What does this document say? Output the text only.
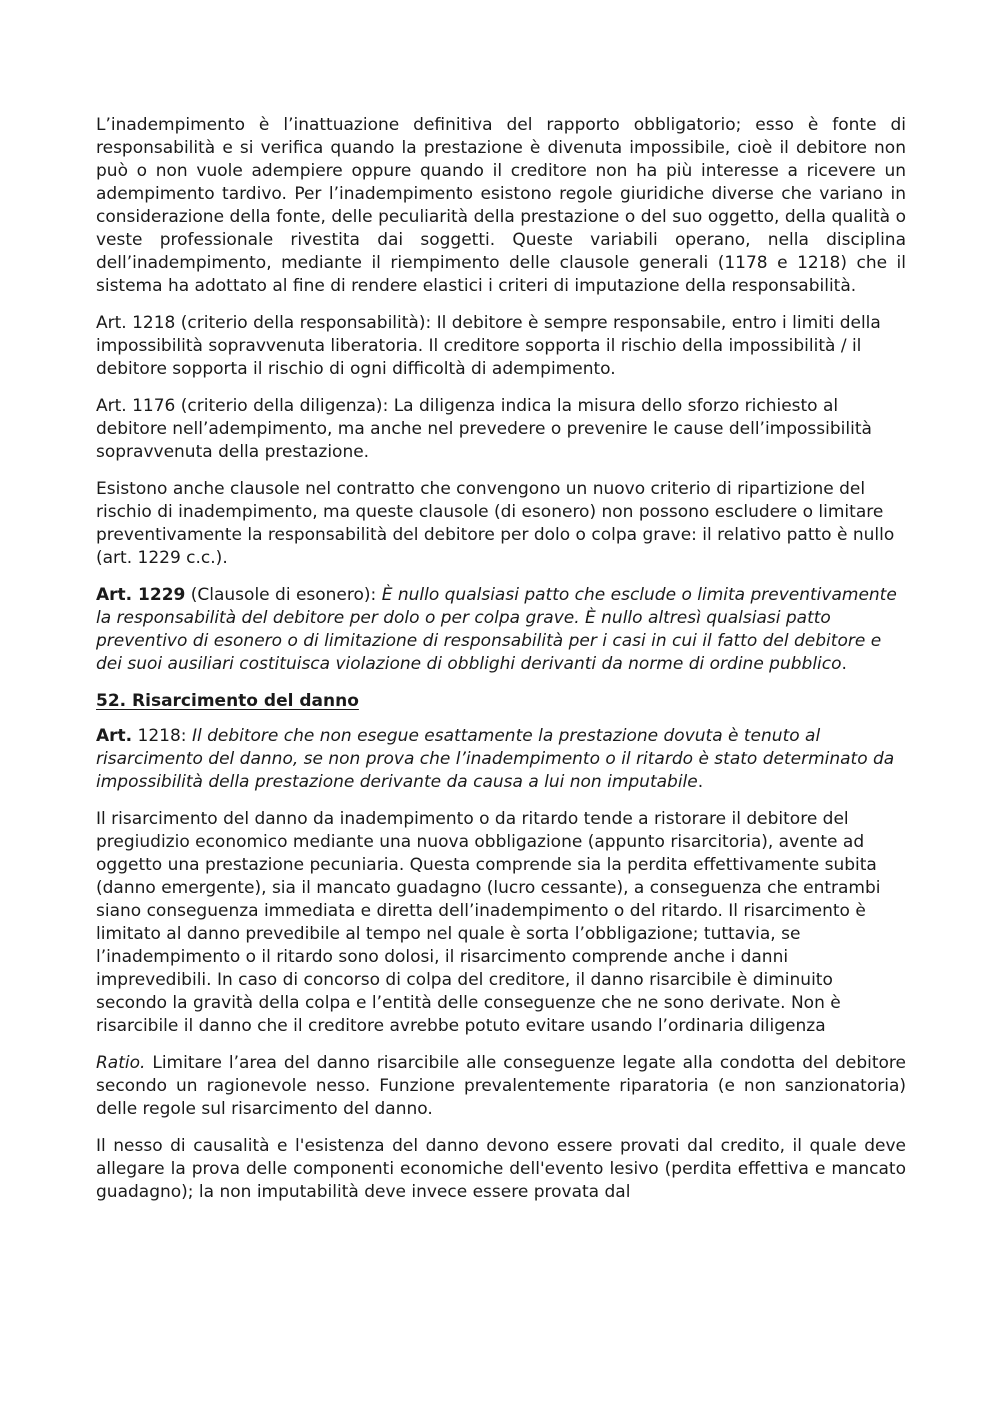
L’inadempimento è l’inattuazione definitiva del rapporto obbligatorio; esso è fonte di responsabilità e si verifica quando la prestazione è divenuta impossibile, cioè il debitore non può o non vuole adempiere oppure quando il creditore non ha più interesse a ricevere un adempimento tardivo. Per l’inadempimento esistono regole giuridiche diverse che variano in considerazione della fonte, delle peculiarità della prestazione o del suo oggetto, della qualità o veste professionale rivestita dai soggetti. Queste variabili operano, nella disciplina dell’inadempimento, mediante il riempimento delle clausole generali (1178 e 1218) che il sistema ha adottato al fine di rendere elastici i criteri di imputazione della responsabilità.

Art. 1218 (criterio della responsabilità): Il debitore è sempre responsabile, entro i limiti della impossibilità sopravvenuta liberatoria. Il creditore sopporta il rischio della impossibilità / il debitore sopporta il rischio di ogni difficoltà di adempimento.

Art. 1176 (criterio della diligenza): La diligenza indica la misura dello sforzo richiesto al debitore nell’adempimento, ma anche nel prevedere o prevenire le cause dell’impossibilità sopravvenuta della prestazione.

Esistono anche clausole nel contratto che convengono un nuovo criterio di ripartizione del rischio di inadempimento, ma queste clausole (di esonero) non possono escludere o limitare preventivamente la responsabilità del debitore per dolo o colpa grave: il relativo patto è nullo (art. 1229 c.c.).

Art. 1229 (Clausole di esonero): È nullo qualsiasi patto che esclude o limita preventivamente la responsabilità del debitore per dolo o per colpa grave. È nullo altresì qualsiasi patto preventivo di esonero o di limitazione di responsabilità per i casi in cui il fatto del debitore e dei suoi ausiliari costituisca violazione di obblighi derivanti da norme di ordine pubblico.

52. Risarcimento del danno

Art. 1218: Il debitore che non esegue esattamente la prestazione dovuta è tenuto al risarcimento del danno, se non prova che l’inadempimento o il ritardo è stato determinato da impossibilità della prestazione derivante da causa a lui non imputabile.

Il risarcimento del danno da inadempimento o da ritardo tende a ristorare il debitore del pregiudizio economico mediante una nuova obbligazione (appunto risarcitoria), avente ad oggetto una prestazione pecuniaria. Questa comprende sia la perdita effettivamente subita (danno emergente), sia il mancato guadagno (lucro cessante), a conseguenza che entrambi siano conseguenza immediata e diretta dell’inadempimento o del ritardo. Il risarcimento è limitato al danno prevedibile al tempo nel quale è sorta l’obbligazione; tuttavia, se l’inadempimento o il ritardo sono dolosi, il risarcimento comprende anche i danni imprevedibili. In caso di concorso di colpa del creditore, il danno risarcibile è diminuito secondo la gravità della colpa e l’entità delle conseguenze che ne sono derivate. Non è risarcibile il danno che il creditore avrebbe potuto evitare usando l’ordinaria diligenza

Ratio. Limitare l’area del danno risarcibile alle conseguenze legate alla condotta del debitore secondo un ragionevole nesso. Funzione prevalentemente riparatoria (e non sanzionatoria) delle regole sul risarcimento del danno.

Il nesso di causalità e l'esistenza del danno devono essere provati dal credito, il quale deve allegare la prova delle componenti economiche dell'evento lesivo (perdita effettiva e mancato guadagno); la non imputabilità deve invece essere provata dal
